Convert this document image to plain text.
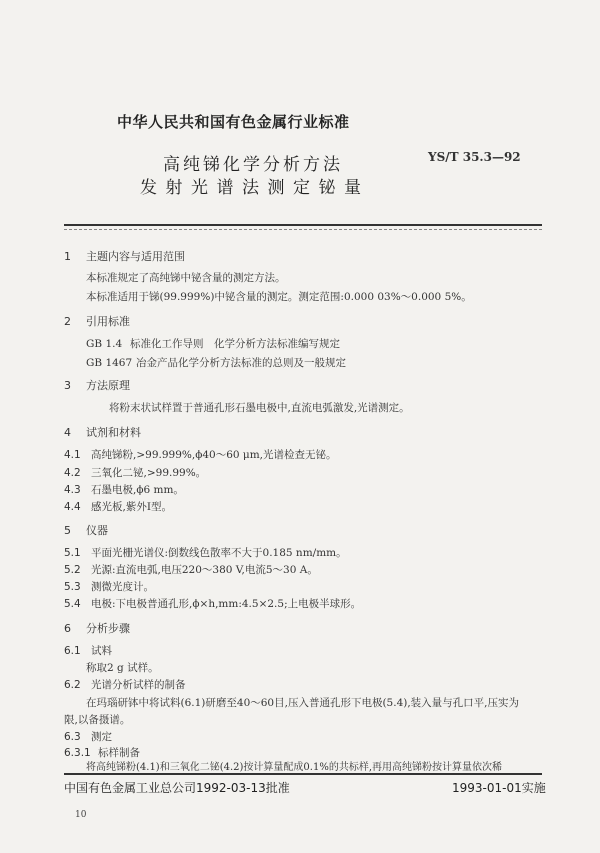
中华人民共和国有色金属行业标准
YS/T 35.3—92
高纯锑化学分析方法
发射光谱法测定铋量
1 主题内容与适用范围
本标准规定了高纯锑中铋含量的测定方法。
本标准适用于锑(99.999%)中铋含量的测定。测定范围:0.000 03%～0.000 5%。
2 引用标准
GB 1.4 标准化工作导则　化学分析方法标准编写规定
GB 1467 冶金产品化学分析方法标准的总则及一般规定
3 方法原理
将粉末状试样置于普通孔形石墨电极中,直流电弧激发,光谱测定。
4 试剂和材料
4.1 高纯锑粉,>99.999%,ϕ40～60 μm,光谱检查无铋。
4.2 三氧化二铋,>99.99%。
4.3 石墨电极,ϕ6 mm。
4.4 感光板,紫外Ⅰ型。
5 仪器
5.1 平面光栅光谱仪:倒数线色散率不大于0.185 nm/mm。
5.2 光源:直流电弧,电压220～380 V,电流5～30 A。
5.3 测微光度计。
5.4 电极:下电极普通孔形,ϕ×h,mm:4.5×2.5;上电极半球形。
6 分析步骤
6.1 试料
称取2 g 试样。
6.2 光谱分析试样的制备
在玛瑙研钵中将试料(6.1)研磨至40～60目,压入普通孔形下电极(5.4),装入量与孔口平,压实为
限,以备摄谱。
6.3 测定
6.3.1 标样制备
将高纯锑粉(4.1)和三氧化二铋(4.2)按计算量配成0.1%的共标样,再用高纯锑粉按计算量依次稀
中国有色金属工业总公司1992-03-13批准	1993-01-01实施
10
